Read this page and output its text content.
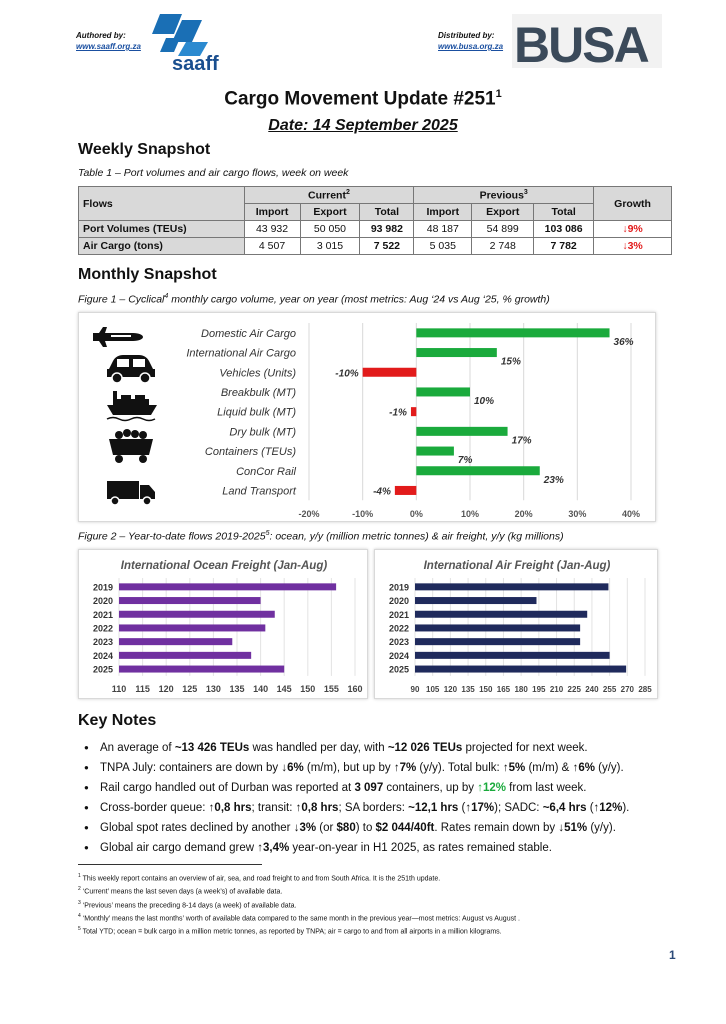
Authored by:
www.saaff.org.za
saaff
Distributed by:
www.busa.org.za BUSA
Cargo Movement Update $\#251^1$
Date: 14 September 2025
Weekly Snapshot
Table 1 – Port volumes and air cargo flows, week on week
Flows	Current$^2$			Previous$^3$			Growth
	Import	Export	Total	Import	Export	Total	
Port Volumes (TEUs)	43 932	50 050	93 982	48 187	54 899	103 086	↓9%
Air Cargo (tons)	4 507	3 015	7 522	5 035	2 748	7 782	↓3%
Monthly Snapshot
Figure 1 – Cyclical$^4$ monthly cargo volume, year on year (most metrics: Aug ‘24 vs Aug ‘25, % growth)
Domestic Air Cargo
International Air Cargo
Vehicles (Units)
Breakbulk (MT)
Liquid bulk (MT)
Dry bulk (MT)
Containers (TEUs)
ConCor Rail
Land Transport
36%
15%
-10%
10%
-1%
17%
7%
23%
-4%
-20%	-10%	0%	10%	20%	30%	40%
Figure 2 – Year-to-date flows 2019-2025$^5$: ocean, y/y (million metric tonnes) & air freight, y/y (kg millions)
International Ocean Freight (Jan-Aug)
110 115 120 125 130 135 140 145 150 155 160
2019
2020
2021
2022
2023
2024
2025
International Air Freight (Jan-Aug)
90 105 120 135 150 165 180 195 210 225 240 255 270 285
2019
2020
2021
2022
2023
2024
2025
Key Notes
● An average of ~13 426 TEUs was handled per day, with ~12 026 TEUs projected for next week.
● TNPA July: containers are down by ↓6% (m/m), but up by ↑7% (y/y). Total bulk: ↑5% (m/m) & ↑6% (y/y).
● Rail cargo handled out of Durban was reported at 3 097 containers, up by ↑12% from last week.
● Cross-border queue: ↑0,8 hrs; transit: ↑0,8 hrs; SA borders: ~12,1 hrs (↑17%); SADC: ~6,4 hrs (↑12%).
● Global spot rates declined by another ↓3% (or $80) to $2 044/40ft. Rates remain down by ↓51% (y/y).
● Global air cargo demand grew ↑3,4% year-on-year in H1 2025, as rates remained stable.
$^1$ This weekly report contains an overview of air, sea, and road freight to and from South Africa. It is the 251th update.
$^2$ ‘Current’ means the last seven days (a week’s) of available data.
$^3$ ‘Previous’ means the preceding 8-14 days (a week) of available data.
$^4$ ‘Monthly’ means the last months’ worth of available data compared to the same month in the previous year—most metrics: August vs August .
$^5$ Total YTD; ocean = bulk cargo in a million metric tonnes, as reported by TNPA; air = cargo to and from all airports in a million kilograms.
1
